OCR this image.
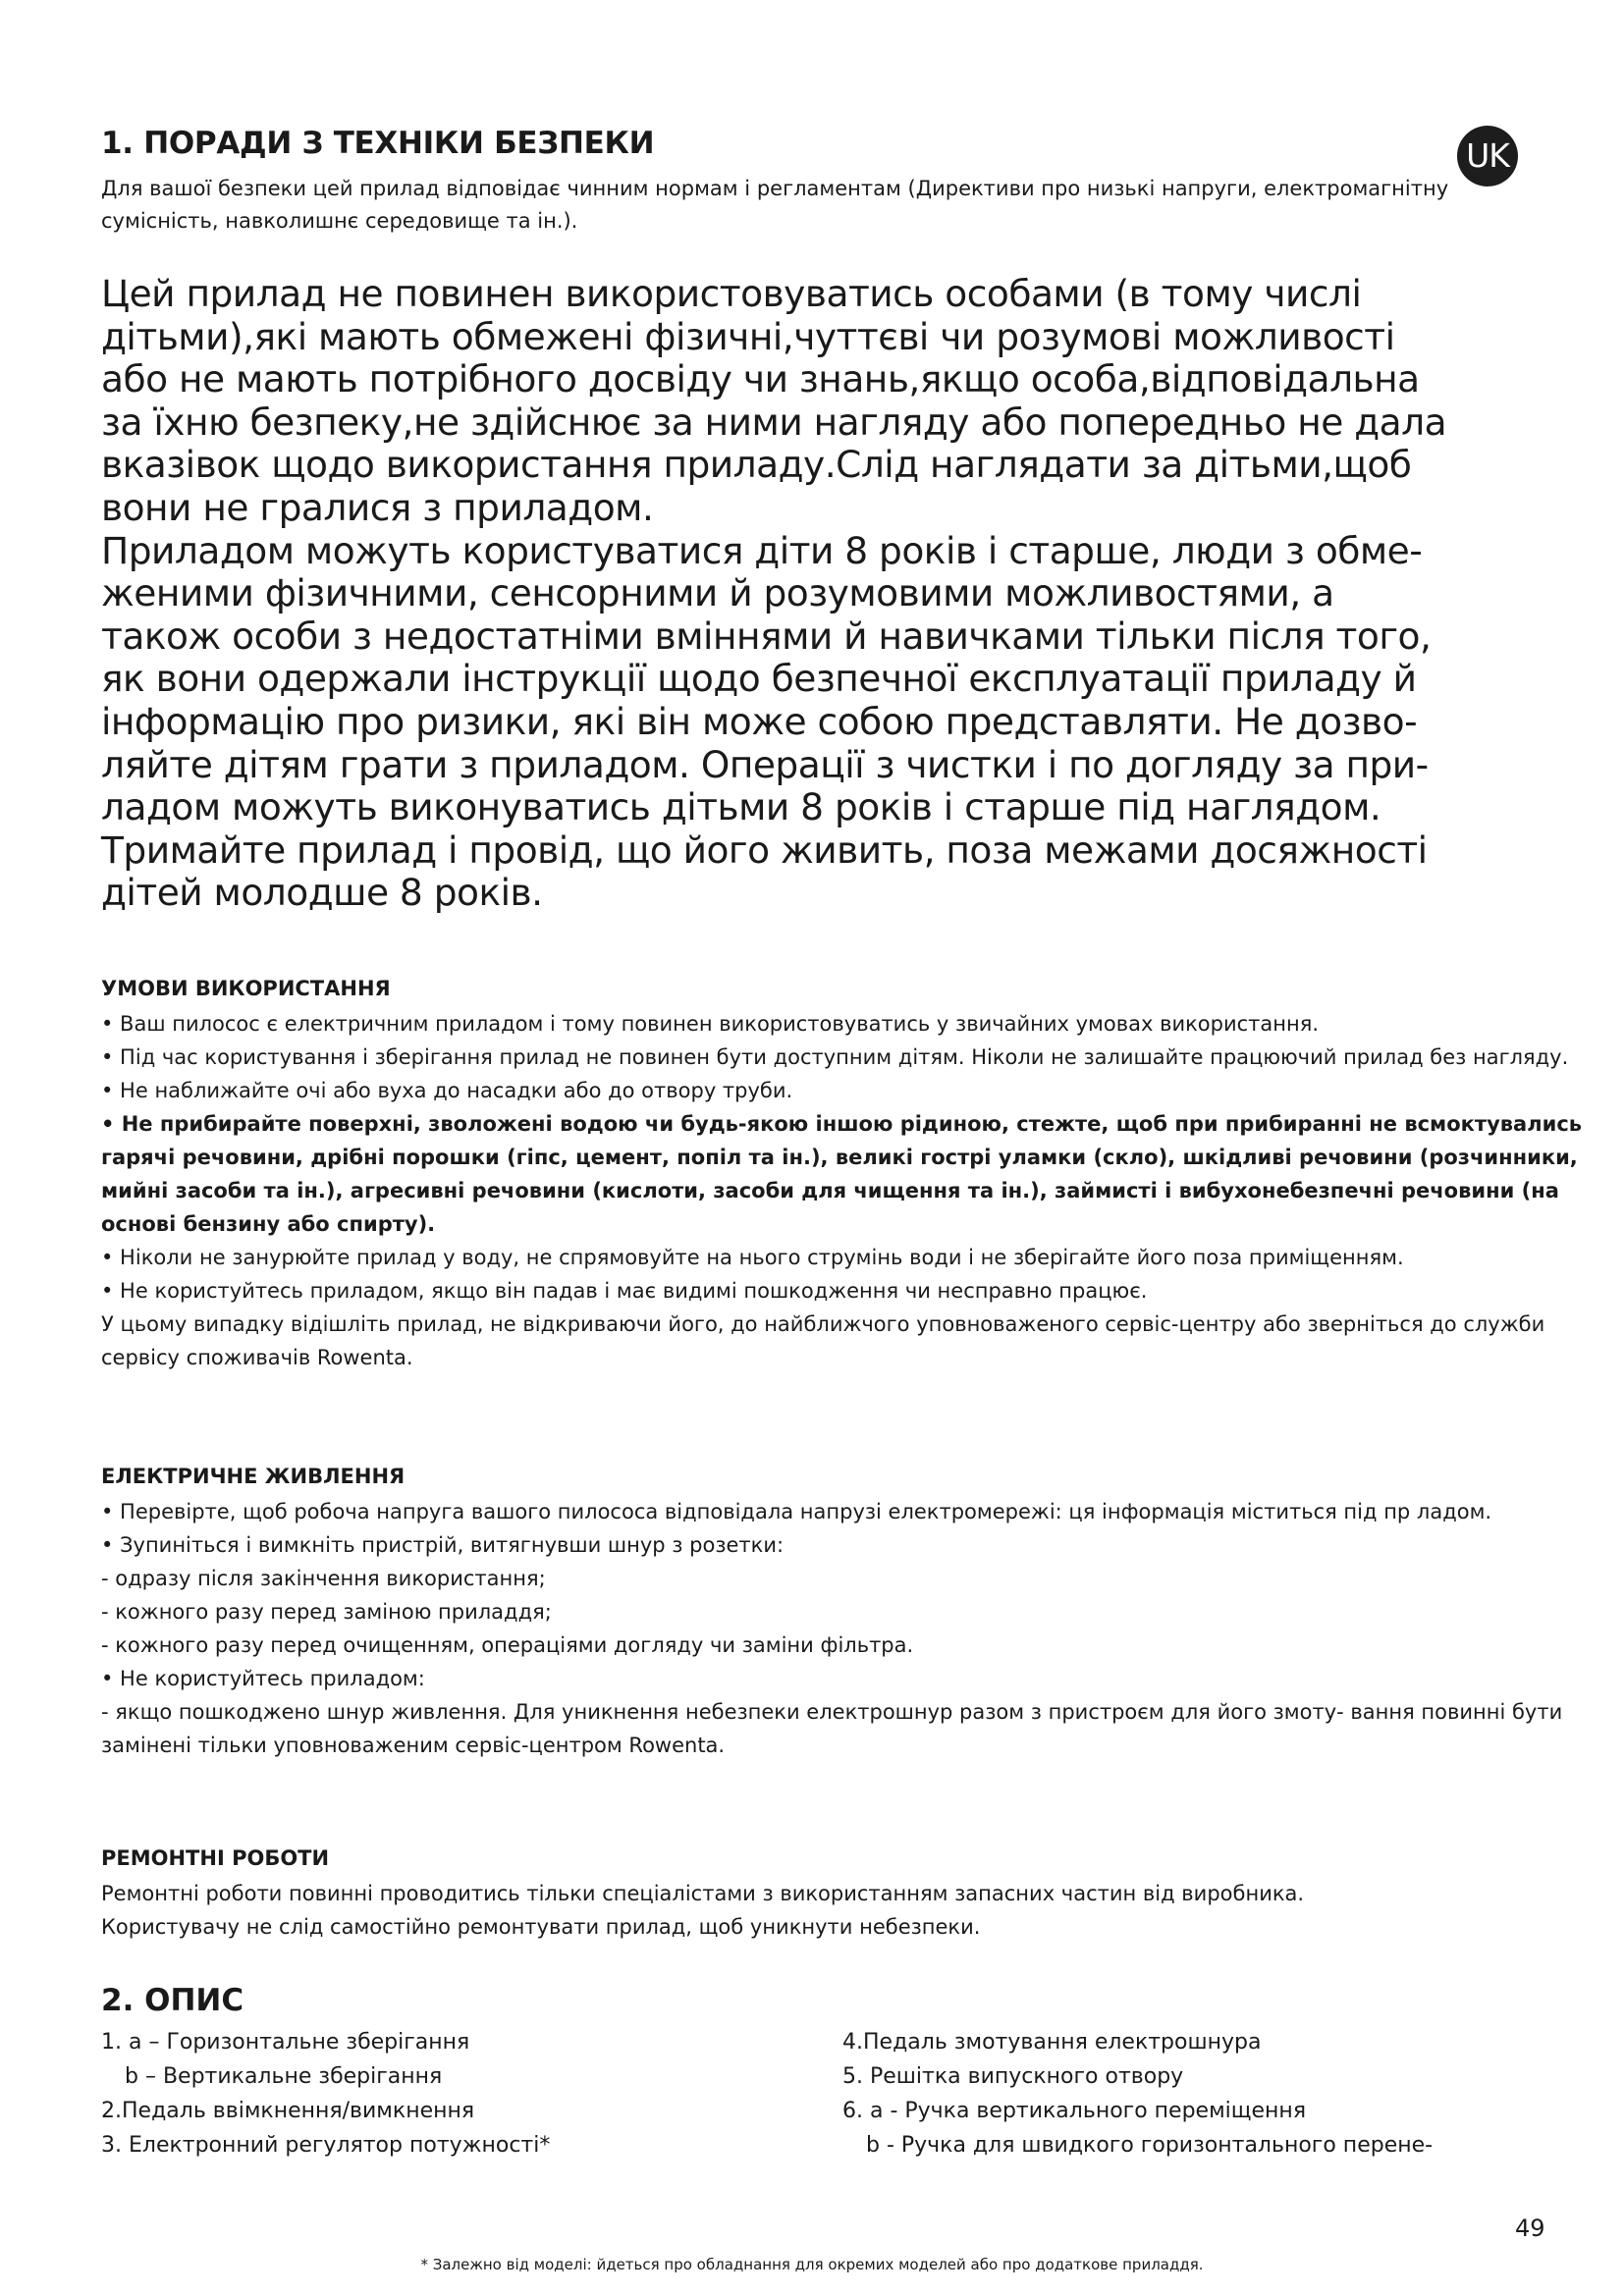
1. ПОРАДИ З ТЕХНІКИ БЕЗПЕКИ	UK

Для вашої безпеки цей прилад відповідає чинним нормам і регламентам (Директиви про низькі напруги, електромагнітну сумісність, навколишнє середовище та ін.).

Цей прилад не повинен використовуватись особами (в тому числі
дітьми),які мають обмежені фізичні,чуттєві чи розумові можливості
або не мають потрібного досвіду чи знань,якщо особа,відповідальна
за їхню безпеку,не здійснює за ними нагляду або попередньо не дала
вказівок щодо використання приладу.Слід наглядати за дітьми,щоб
вони не гралися з приладом.
Приладом можуть користуватися діти 8 років і старше, люди з обме-
женими фізичними, сенсорними й розумовими можливостями, а
також особи з недостатніми вміннями й навичками тільки після того,
як вони одержали інструкції щодо безпечної експлуатації приладу й
інформацію про ризики, які він може собою представляти. Не дозво-
ляйте дітям грати з приладом. Операції з чистки і по догляду за при-
ладом можуть виконуватись дітьми 8 років і старше під наглядом.
Тримайте прилад і провід, що його живить, поза межами досяжності
дітей молодше 8 років.

УМОВИ ВИКОРИСТАННЯ

• Ваш пилосос є електричним приладом і тому повинен використовуватись у звичайних умовах використання.

• Під час користування і зберігання прилад не повинен бути доступним дітям. Ніколи не залишайте працюючий прилад без нагляду.

• Не наближайте очі або вуха до насадки або до отвору труби.

• Не прибирайте поверхні, зволожені водою чи будь-якою іншою рідиною, стежте, щоб при прибиранні не всмоктувались гарячі речовини, дрібні порошки (гіпс, цемент, попіл та ін.), великі гострі уламки (скло), шкідливі речовини (розчинники, мийні засоби та ін.), агресивні речовини (кислоти, засоби для чищення та ін.), займисті і вибухонебезпечні речовини (на основі бензину або спирту).

• Ніколи не занурюйте прилад у воду, не спрямовуйте на нього струмінь води і не зберігайте його поза приміщенням.

• Не користуйтесь приладом, якщо він падав і має видимі пошкодження чи несправно працює.

У цьому випадку відішліть прилад, не відкриваючи його, до найближчого уповноваженого сервіс-центру або зверніться до служби сервісу споживачів Rowenta.

ЕЛЕКТРИЧНЕ ЖИВЛЕННЯ

• Перевірте, щоб робоча напруга вашого пилососа відповідала напрузі електромережі: ця інформація міститься під пр ладом.

• Зупиніться і вимкніть пристрій, витягнувши шнур з розетки:

- одразу після закінчення використання;

- кожного разу перед заміною приладдя;

- кожного разу перед очищенням, операціями догляду чи заміни фільтра.

• Не користуйтесь приладом:

- якщо пошкоджено шнур живлення. Для уникнення небезпеки електрошнур разом з пристроєм для його змоту- вання повинні бути замінені тільки уповноваженим сервіс-центром Rowenta.

РЕМОНТНІ РОБОТИ

Ремонтні роботи повинні проводитись тільки спеціалістами з використанням запасних частин від виробника.

Користувачу не слід самостійно ремонтувати прилад, щоб уникнути небезпеки.

2. ОПИС
1. a – Горизонтальне зберігання
b – Вертикальне зберігання
2.Педаль ввімкнення/вимкнення
3. Електронний регулятор потужності*
4.Педаль змотування електрошнура
5. Решітка випускного отвору
6. a - Ручка вертикального переміщення
b - Ручка для швидкого горизонтального перене-
49
* Залежно від моделі: йдеться про обладнання для окремих моделей або про додаткове приладдя.
